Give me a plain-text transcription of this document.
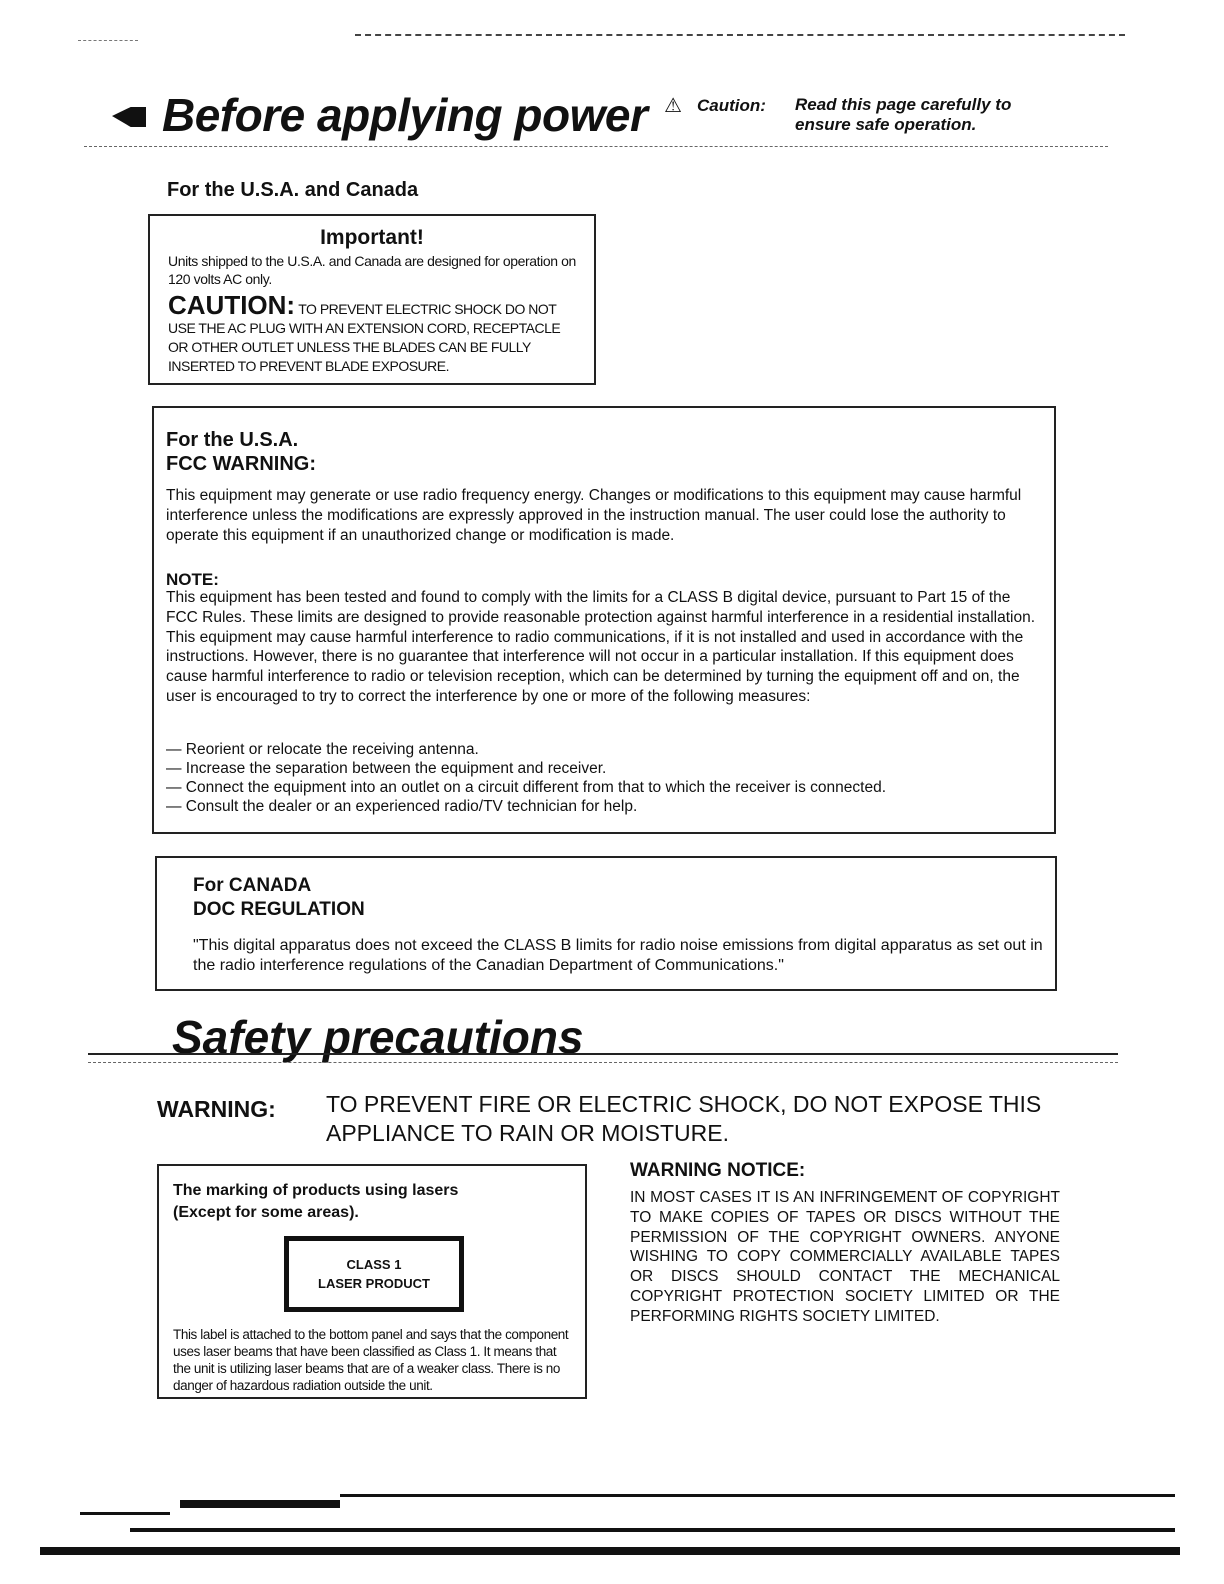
Before applying power ⚠ Caution: Read this page carefully to ensure safe operation.
For the U.S.A. and Canada
Important!
Units shipped to the U.S.A. and Canada are designed for operation on 120 volts AC only.
CAUTION: TO PREVENT ELECTRIC SHOCK DO NOT USE THE AC PLUG WITH AN EXTENSION CORD, RECEPTACLE OR OTHER OUTLET UNLESS THE BLADES CAN BE FULLY INSERTED TO PREVENT BLADE EXPOSURE.
For the U.S.A.
FCC WARNING:
This equipment may generate or use radio frequency energy. Changes or modifications to this equipment may cause harmful interference unless the modifications are expressly approved in the instruction manual. The user could lose the authority to operate this equipment if an unauthorized change or modification is made.
NOTE:
This equipment has been tested and found to comply with the limits for a CLASS B digital device, pursuant to Part 15 of the FCC Rules. These limits are designed to provide reasonable protection against harmful interference in a residential installation. This equipment may cause harmful interference to radio communications, if it is not installed and used in accordance with the instructions. However, there is no guarantee that interference will not occur in a particular installation. If this equipment does cause harmful interference to radio or television reception, which can be determined by turning the equipment off and on, the user is encouraged to try to correct the interference by one or more of the following measures:
— Reorient or relocate the receiving antenna.
— Increase the separation between the equipment and receiver.
— Connect the equipment into an outlet on a circuit different from that to which the receiver is connected.
— Consult the dealer or an experienced radio/TV technician for help.
For CANADA
DOC REGULATION
"This digital apparatus does not exceed the CLASS B limits for radio noise emissions from digital apparatus as set out in the radio interference regulations of the Canadian Department of Communications."
Safety precautions
WARNING: TO PREVENT FIRE OR ELECTRIC SHOCK, DO NOT EXPOSE THIS APPLIANCE TO RAIN OR MOISTURE.
The marking of products using lasers
(Except for some areas).
CLASS 1
LASER PRODUCT
This label is attached to the bottom panel and says that the component uses laser beams that have been classified as Class 1. It means that the unit is utilizing laser beams that are of a weaker class. There is no danger of hazardous radiation outside the unit.
WARNING NOTICE:
IN MOST CASES IT IS AN INFRINGEMENT OF COPYRIGHT TO MAKE COPIES OF TAPES OR DISCS WITHOUT THE PERMISSION OF THE COPYRIGHT OWNERS. ANYONE WISHING TO COPY COMMERCIALLY AVAILABLE TAPES OR DISCS SHOULD CONTACT THE MECHANICAL COPYRIGHT PROTECTION SOCIETY LIMITED OR THE PERFORMING RIGHTS SOCIETY LIMITED.
